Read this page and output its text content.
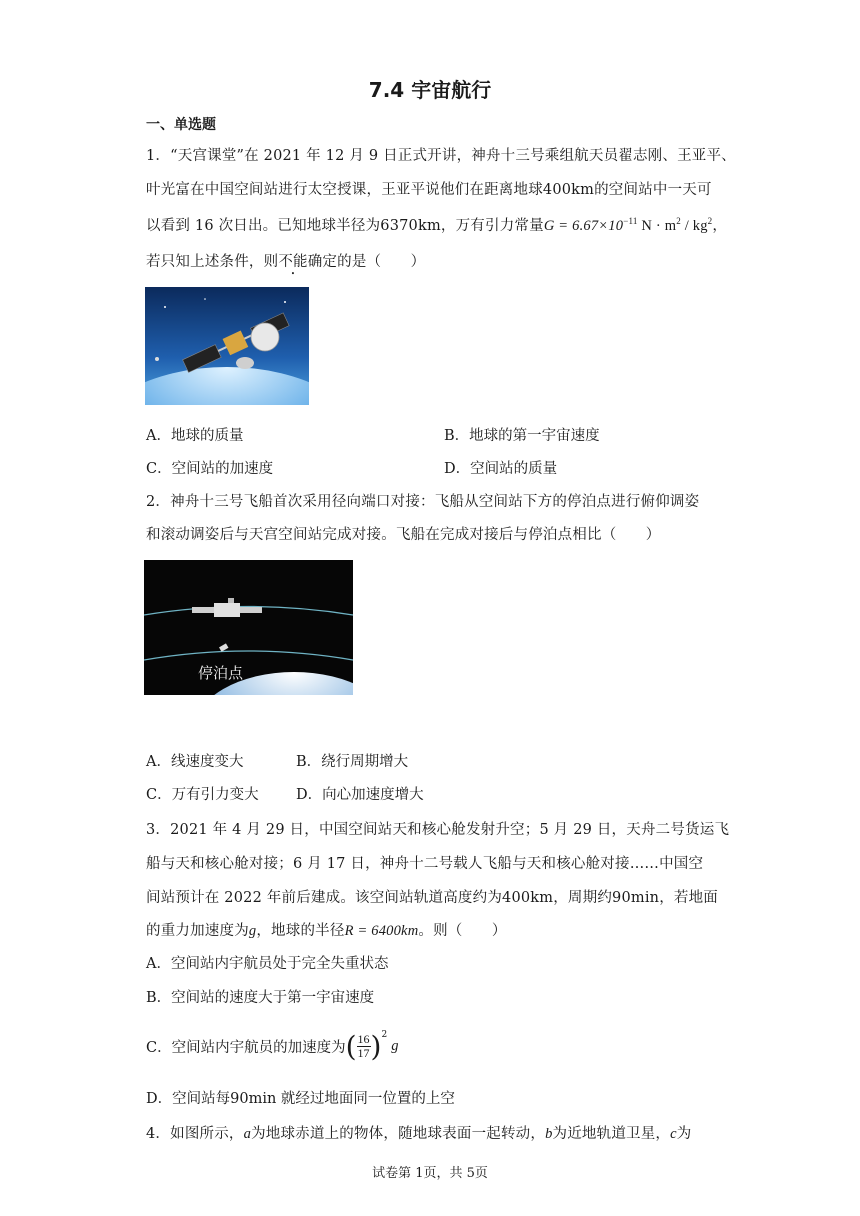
7.4 宇宙航行
一、单选题
1．“天宫课堂”在 2021 年 12 月 9 日正式开讲，神舟十三号乘组航天员翟志刚、王亚平、
叶光富在中国空间站进行太空授课，王亚平说他们在距离地球400km的空间站中一天可
以看到 16 次日出。已知地球半径为6370km，万有引力常量$G = 6.67\times 10^{-11}$ $N \cdot m^2 / kg^2$，
若只知上述条件，则不能确定的是（　　）
A．地球的质量	B．地球的第一宇宙速度
C．空间站的加速度	D．空间站的质量
2．神舟十三号飞船首次采用径向端口对接：飞船从空间站下方的停泊点进行俯仰调姿
和滚动调姿后与天宫空间站完成对接。飞船在完成对接后与停泊点相比（　　）
停泊点
A．线速度变大	B．绕行周期增大
C．万有引力变大	D．向心加速度增大
3．2021 年 4 月 29 日，中国空间站天和核心舱发射升空；5 月 29 日，天舟二号货运飞
船与天和核心舱对接；6 月 17 日，神舟十二号载人飞船与天和核心舱对接……中国空
间站预计在 2022 年前后建成。该空间站轨道高度约为400km，周期约90min，若地面
的重力加速度为g，地球的半径R = 6400km。则（　　）
A．空间站内宇航员处于完全失重状态
B．空间站的速度大于第一宇宙速度
C．空间站内宇航员的加速度为 ( $\frac{16}{17} )^2$
g
D．空间站每90min 就经过地面同一位置的上空
4．如图所示，a为地球赤道上的物体，随地球表面一起转动，b为近地轨道卫星，c为
试卷第 1页，共 5页
